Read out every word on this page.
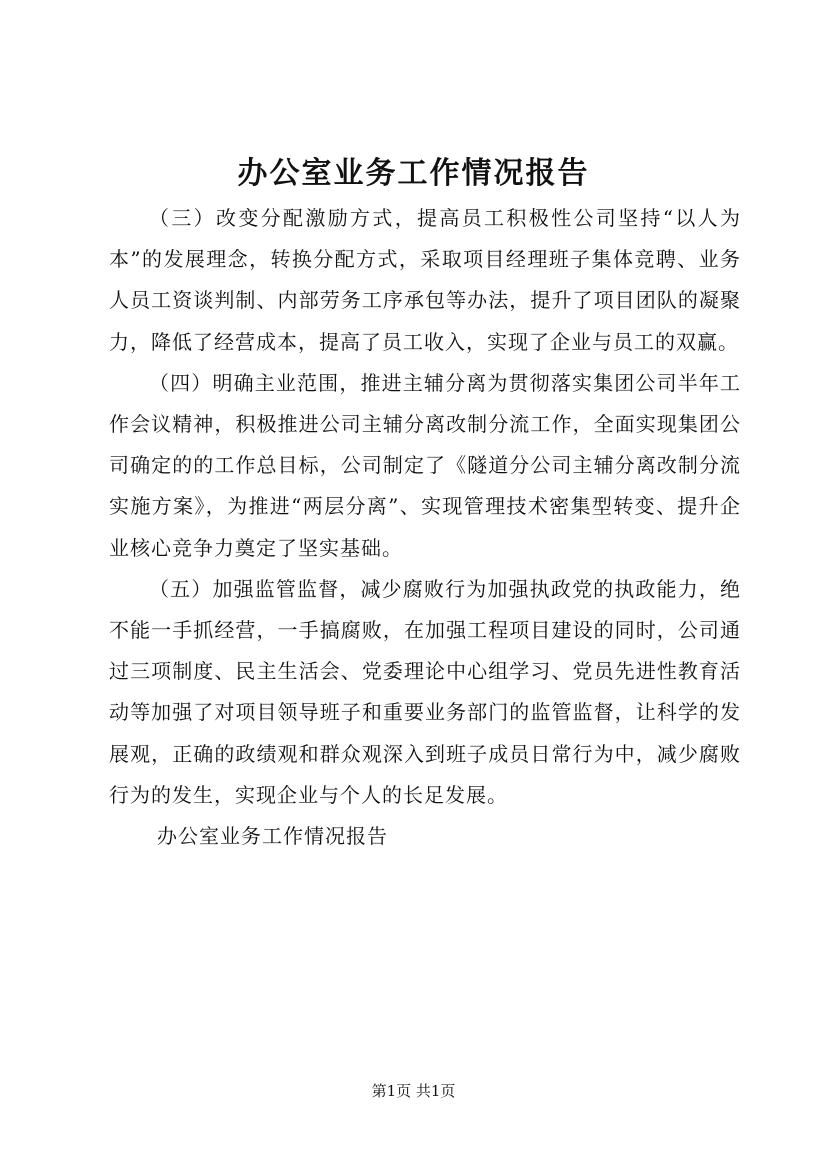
办公室业务工作情况报告

（三）改变分配激励方式，提高员工积极性公司坚持“以人为本”的发展理念，转换分配方式，采取项目经理班子集体竞聘、业务人员工资谈判制、内部劳务工序承包等办法，提升了项目团队的凝聚力，降低了经营成本，提高了员工收入，实现了企业与员工的双赢。

（四）明确主业范围，推进主辅分离为贯彻落实集团公司半年工作会议精神，积极推进公司主辅分离改制分流工作，全面实现集团公司确定的的工作总目标，公司制定了《隧道分公司主辅分离改制分流实施方案》，为推进“两层分离”、实现管理技术密集型转变、提升企业核心竞争力奠定了坚实基础。

（五）加强监管监督，减少腐败行为加强执政党的执政能力，绝不能一手抓经营，一手搞腐败，在加强工程项目建设的同时，公司通过三项制度、民主生活会、党委理论中心组学习、党员先进性教育活动等加强了对项目领导班子和重要业务部门的监管监督，让科学的发展观，正确的政绩观和群众观深入到班子成员日常行为中，减少腐败行为的发生，实现企业与个人的长足发展。

办公室业务工作情况报告

第1页 共1页
